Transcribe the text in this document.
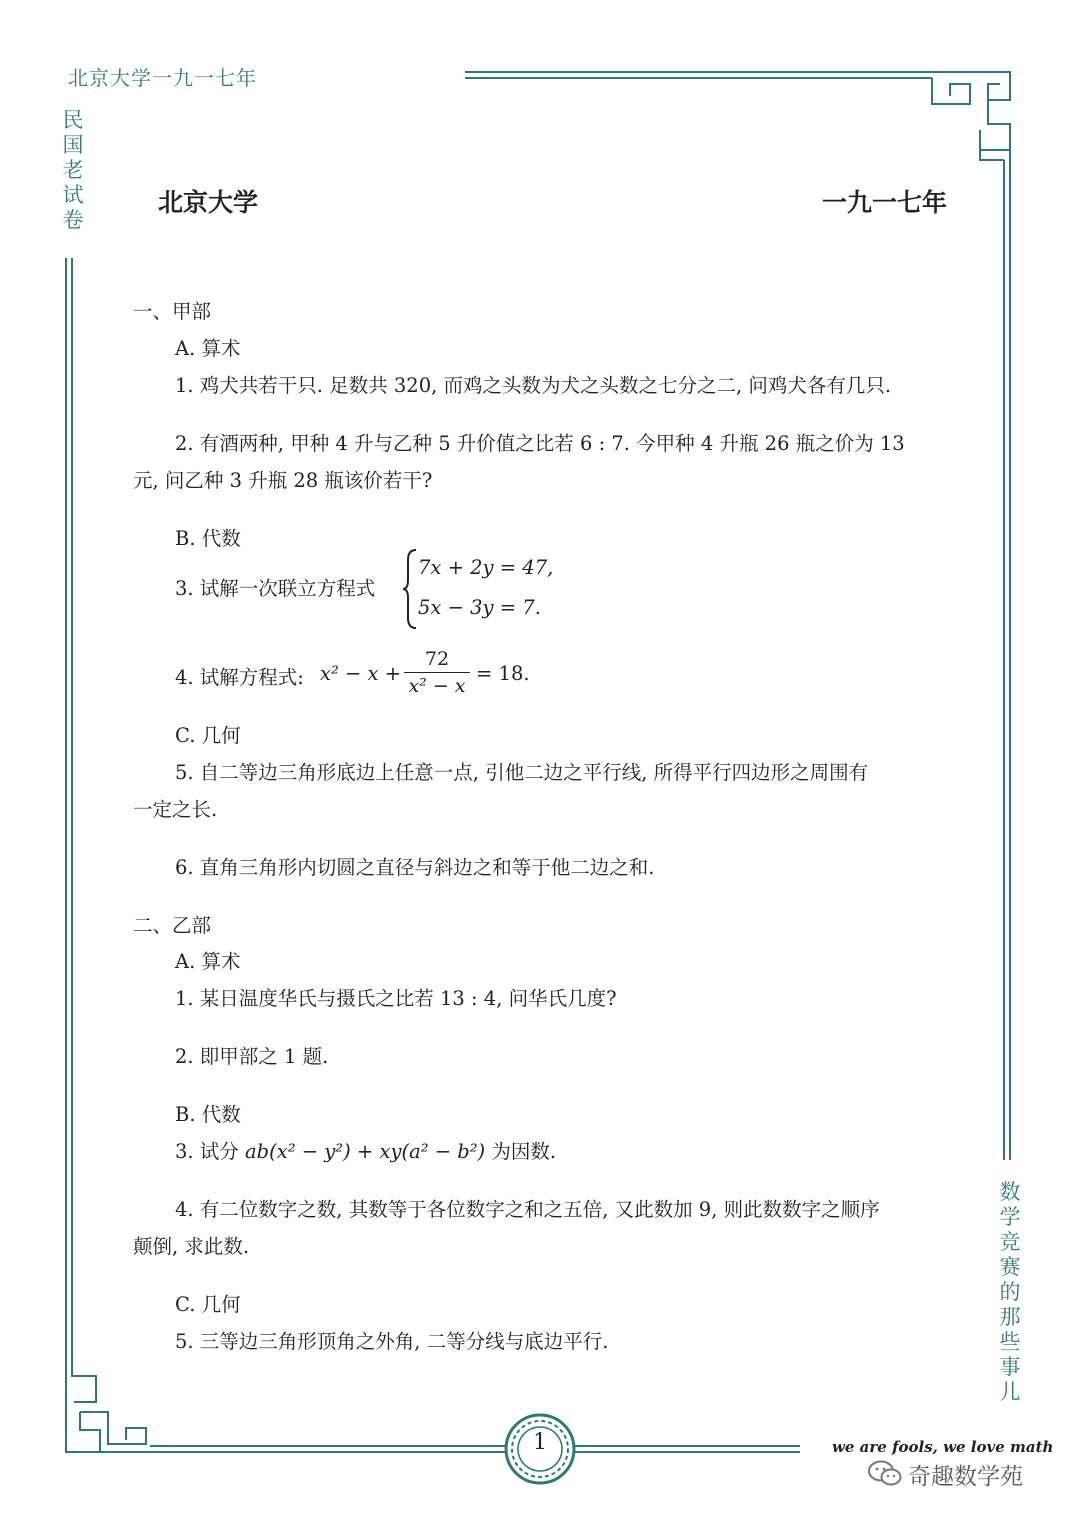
北京大学一九一七年
民
国
老
试
卷
数
学
竞
赛
的
那
些
事
儿
北京大学	一九一七年
一、甲部
A. 算术
1. 鸡犬共若干只. 足数共 320, 而鸡之头数为犬之头数之七分之二, 问鸡犬各有几只.
2. 有酒两种, 甲种 4 升与乙种 5 升价值之比若 6 : 7. 今甲种 4 升瓶 26 瓶之价为 13
元, 问乙种 3 升瓶 28 瓶该价若干?
B. 代数
3. 试解一次联立方程式
7x + 2y = 47,
5x − 3y = 7.
4. 试解方程式: x² − x +
72
x² − x
= 18.
C. 几何
5. 自二等边三角形底边上任意一点, 引他二边之平行线, 所得平行四边形之周围有
一定之长.
6. 直角三角形内切圆之直径与斜边之和等于他二边之和.
二、乙部
A. 算术
1. 某日温度华氏与摄氏之比若 13 : 4, 问华氏几度?
2. 即甲部之 1 题.
B. 代数
3. 试分 ab(x² − y²) + xy(a² − b²) 为因数.
4. 有二位数字之数, 其数等于各位数字之和之五倍, 又此数加 9, 则此数数字之顺序
颠倒, 求此数.
C. 几何
5. 三等边三角形顶角之外角, 二等分线与底边平行.
1	we are fools, we love math
奇趣数学苑
